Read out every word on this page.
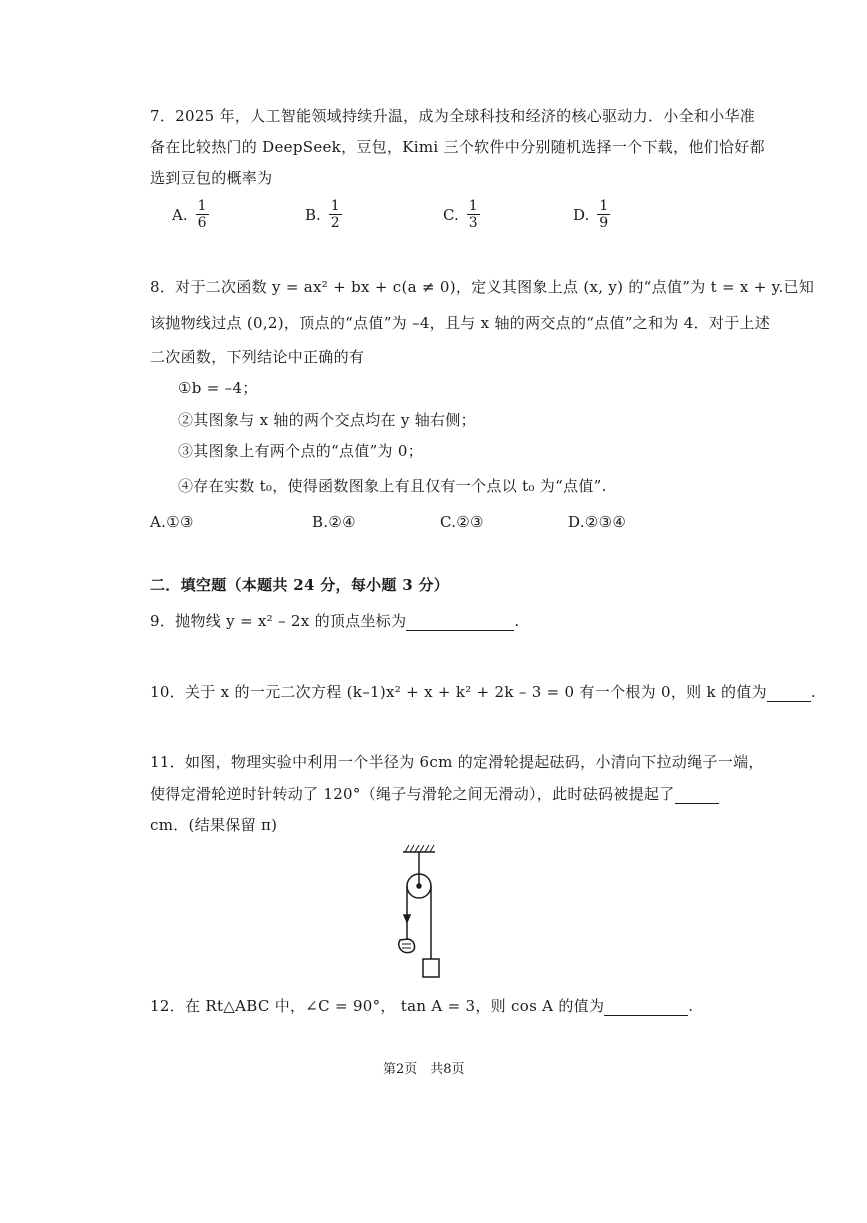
7．2025 年，人工智能领域持续升温，成为全球科技和经济的核心驱动力．小全和小华准
备在比较热门的 DeepSeek，豆包，Kimi 三个软件中分别随机选择一个下载，他们恰好都
选到豆包的概率为
A. $\frac{1}{6}$	B. $\frac{1}{2}$	C. $\frac{1}{3}$	D. $\frac{1}{9}$
8．对于二次函数 y = ax² + bx + c(a ≠ 0)，定义其图象上点 (x, y) 的“点值”为 t = x + y.已知
该抛物线过点 (0,2)，顶点的“点值”为 –4，且与 x 轴的两交点的“点值”之和为 4．对于上述
二次函数，下列结论中正确的有
①b = –4；
②其图象与 x 轴的两个交点均在 y 轴右侧；
③其图象上有两个点的“点值”为 0；
④存在实数 t₀，使得函数图象上有且仅有一个点以 t₀ 为“点值”.
A.①③	B.②④	C.②③	D.②③④
二．填空题（本题共 24 分，每小题 3 分）
9．抛物线 y = x² – 2x 的顶点坐标为	.
10．关于 x 的一元二次方程 (k–1)x² + x + k² + 2k – 3 = 0 有一个根为 0，则 k 的值为	.
11．如图，物理实验中利用一个半径为 6cm 的定滑轮提起砝码，小清向下拉动绳子一端，
使得定滑轮逆时针转动了 120°（绳子与滑轮之间无滑动），此时砝码被提起了
cm．(结果保留 π)
12．在 Rt△ABC 中，∠C = 90°， tan A = 3，则 cos A 的值为	.
第2页　共8页
